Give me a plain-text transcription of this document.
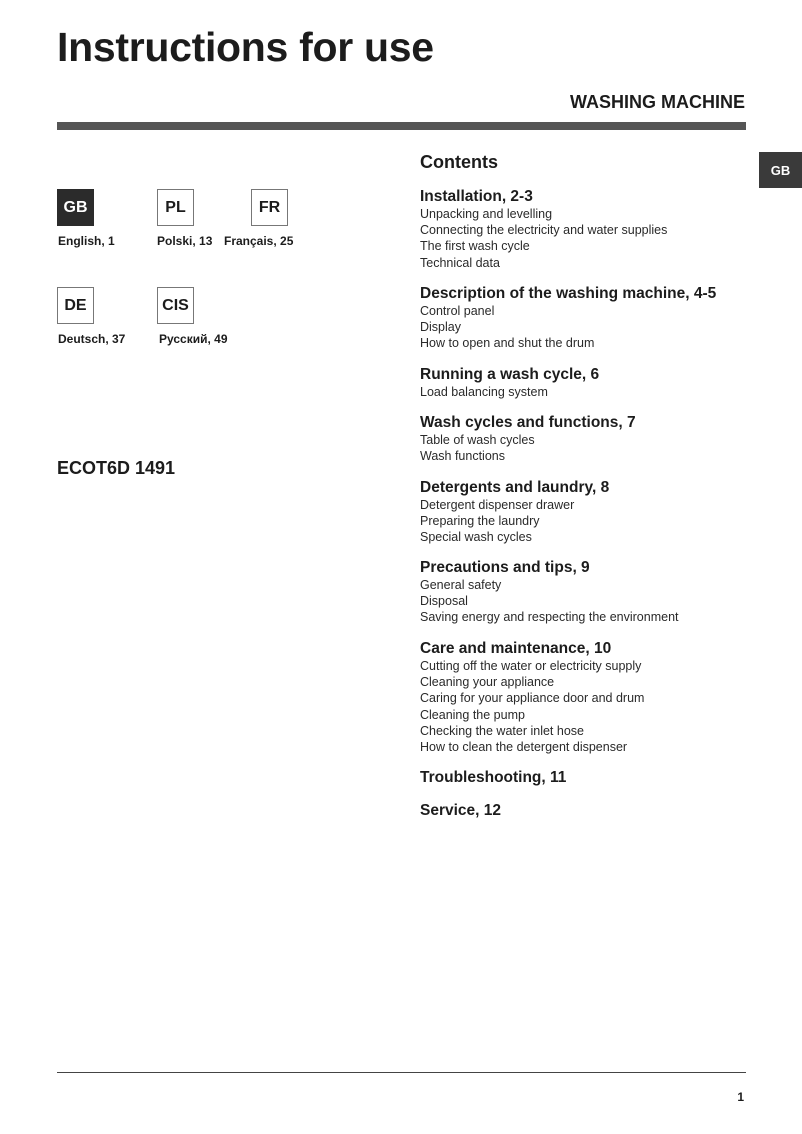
Instructions for use
WASHING MACHINE
GB
GB
English, 1
PL
Polski, 13
FR
Français, 25
DE
Deutsch, 37
CIS
Русский, 49
ECOT6D 1491
Contents
Installation, 2-3
Unpacking and levelling
Connecting the electricity and water supplies
The first wash cycle
Technical data
Description of the washing machine, 4-5
Control panel
Display
How to open and shut the drum
Running a wash cycle, 6
Load balancing system
Wash cycles and functions, 7
Table of wash cycles
Wash functions
Detergents and laundry, 8
Detergent dispenser drawer
Preparing the laundry
Special wash cycles
Precautions and tips, 9
General safety
Disposal
Saving energy and respecting the environment
Care and maintenance, 10
Cutting off the water or electricity supply
Cleaning your appliance
Caring for your appliance door and drum
Cleaning the pump
Checking the water inlet hose
How to clean the detergent dispenser
Troubleshooting, 11
Service, 12
1
